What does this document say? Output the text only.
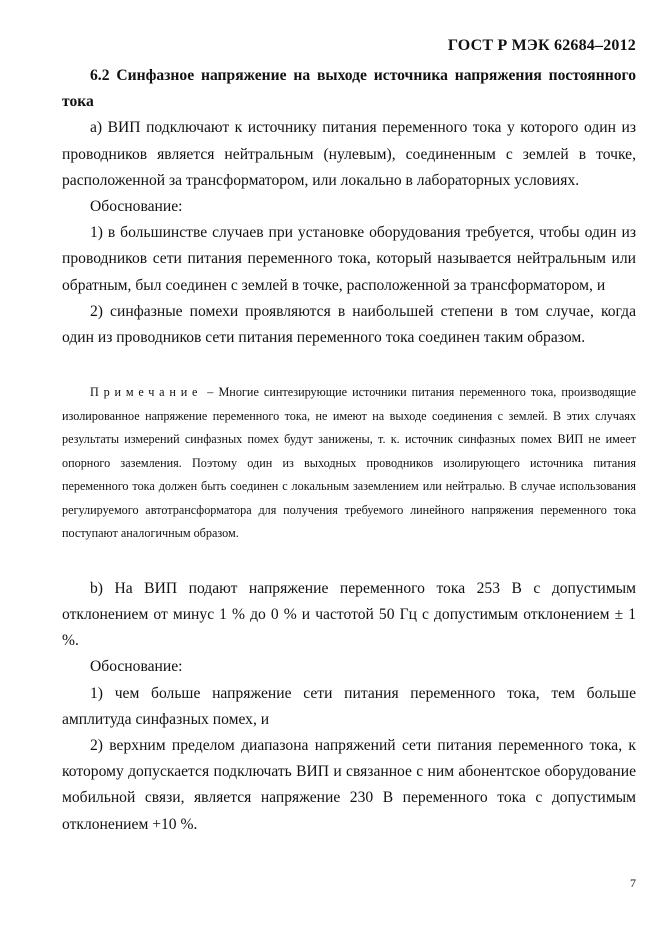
ГОСТ Р МЭК 62684–2012

6.2 Синфазное напряжение на выходе источника напряжения постоянного тока

а) ВИП подключают к источнику питания переменного тока у которого один из проводников является нейтральным (нулевым), соединенным с землей в точке, расположенной за трансформатором, или локально в лабораторных условиях.

Обоснование:

1) в большинстве случаев при установке оборудования требуется, чтобы один из проводников сети питания переменного тока, который называется нейтральным или обратным, был соединен с землей в точке, расположенной за трансформатором, и

2) синфазные помехи проявляются в наибольшей степени в том случае, когда один из проводников сети питания переменного тока соединен таким образом.

Примечание – Многие синтезирующие источники питания переменного тока, производящие изолированное напряжение переменного тока, не имеют на выходе соединения с землей. В этих случаях результаты измерений синфазных помех будут занижены, т. к. источник синфазных помех ВИП не имеет опорного заземления. Поэтому один из выходных проводников изолирующего источника питания переменного тока должен быть соединен с локальным заземлением или нейтралью. В случае использования регулируемого автотрансформатора для получения требуемого линейного напряжения переменного тока поступают аналогичным образом.

b) На ВИП подают напряжение переменного тока 253 В с допустимым отклонением от минус 1 % до 0 % и частотой 50 Гц с допустимым отклонением ± 1 %.

Обоснование:

1) чем больше напряжение сети питания переменного тока, тем больше амплитуда синфазных помех, и

2) верхним пределом диапазона напряжений сети питания переменного тока, к которому допускается подключать ВИП и связанное с ним абонентское оборудование мобильной связи, является напряжение 230 В переменного тока с допустимым отклонением +10 %.

7
